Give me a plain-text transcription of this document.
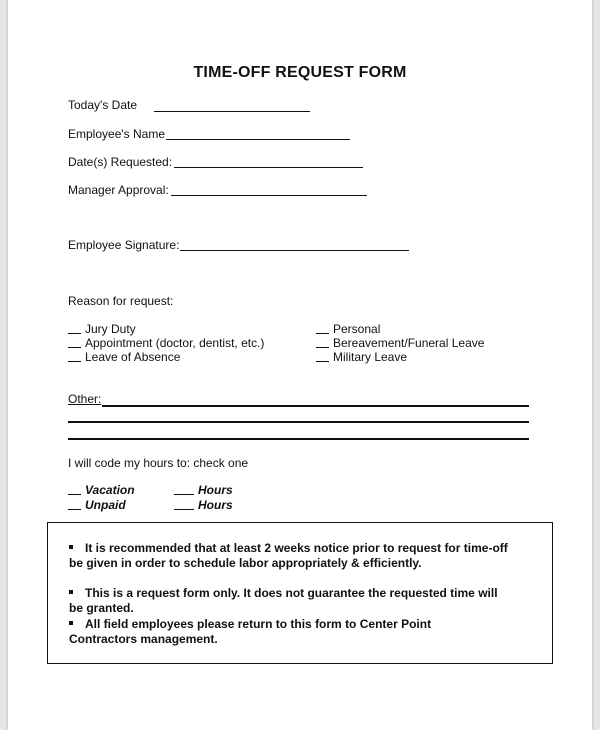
TIME-OFF REQUEST FORM
Today's Date
Employee's Name
Date(s) Requested:
Manager Approval:
Employee Signature:
Reason for request:
Jury Duty
Appointment (doctor, dentist, etc.)
Leave of Absence
Personal
Bereavement/Funeral Leave
Military Leave
Other:
I will code my hours to: check one
Vacation
Unpaid
Hours
Hours
It is recommended that at least 2 weeks notice prior to request for time-off be given in order to schedule labor appropriately & efficiently.
This is a request form only. It does not guarantee the requested time will be granted.
All field employees please return to this form to Center Point Contractors management.
